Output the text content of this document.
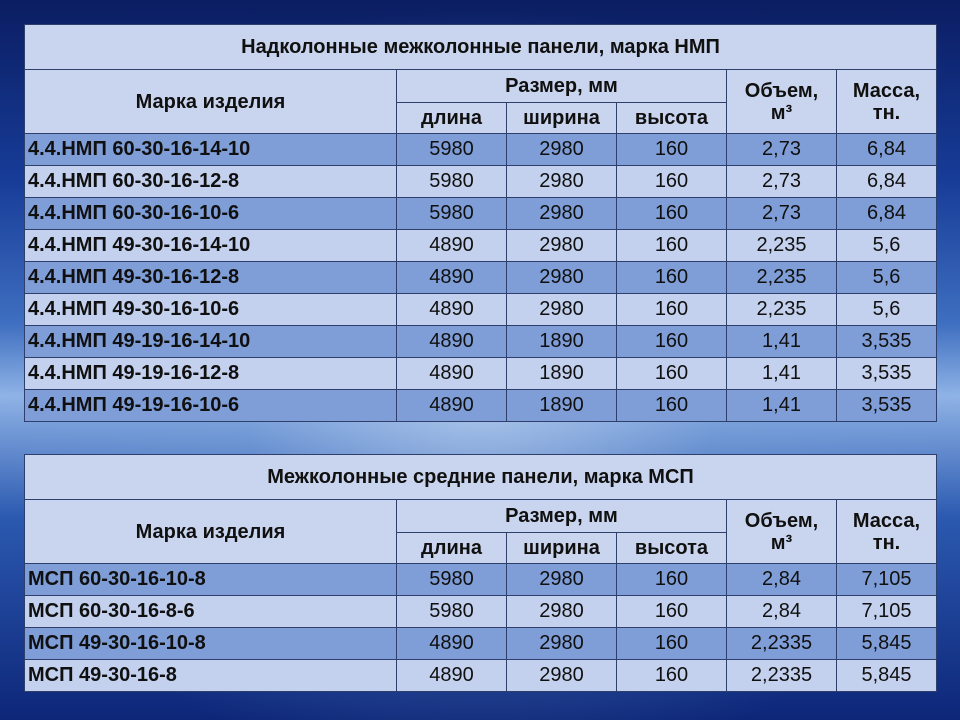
Надколонные межколонные панели, марка НМП					
Марка изделия	Размер, мм			Объем, м³	Масса, тн.
	длина	ширина	высота		
4.4.НМП 60-30-16-14-10	5980	2980	160	2,73	6,84
4.4.НМП 60-30-16-12-8	5980	2980	160	2,73	6,84
4.4.НМП 60-30-16-10-6	5980	2980	160	2,73	6,84
4.4.НМП 49-30-16-14-10	4890	2980	160	2,235	5,6
4.4.НМП 49-30-16-12-8	4890	2980	160	2,235	5,6
4.4.НМП 49-30-16-10-6	4890	2980	160	2,235	5,6
4.4.НМП 49-19-16-14-10	4890	1890	160	1,41	3,535
4.4.НМП 49-19-16-12-8	4890	1890	160	1,41	3,535
4.4.НМП 49-19-16-10-6	4890	1890	160	1,41	3,535
Межколонные средние панели, марка МСП					
Марка изделия	Размер, мм			Объем, м³	Масса, тн.
	длина	ширина	высота		
МСП 60-30-16-10-8	5980	2980	160	2,84	7,105
МСП 60-30-16-8-6	5980	2980	160	2,84	7,105
МСП 49-30-16-10-8	4890	2980	160	2,2335	5,845
МСП 49-30-16-8	4890	2980	160	2,2335	5,845
